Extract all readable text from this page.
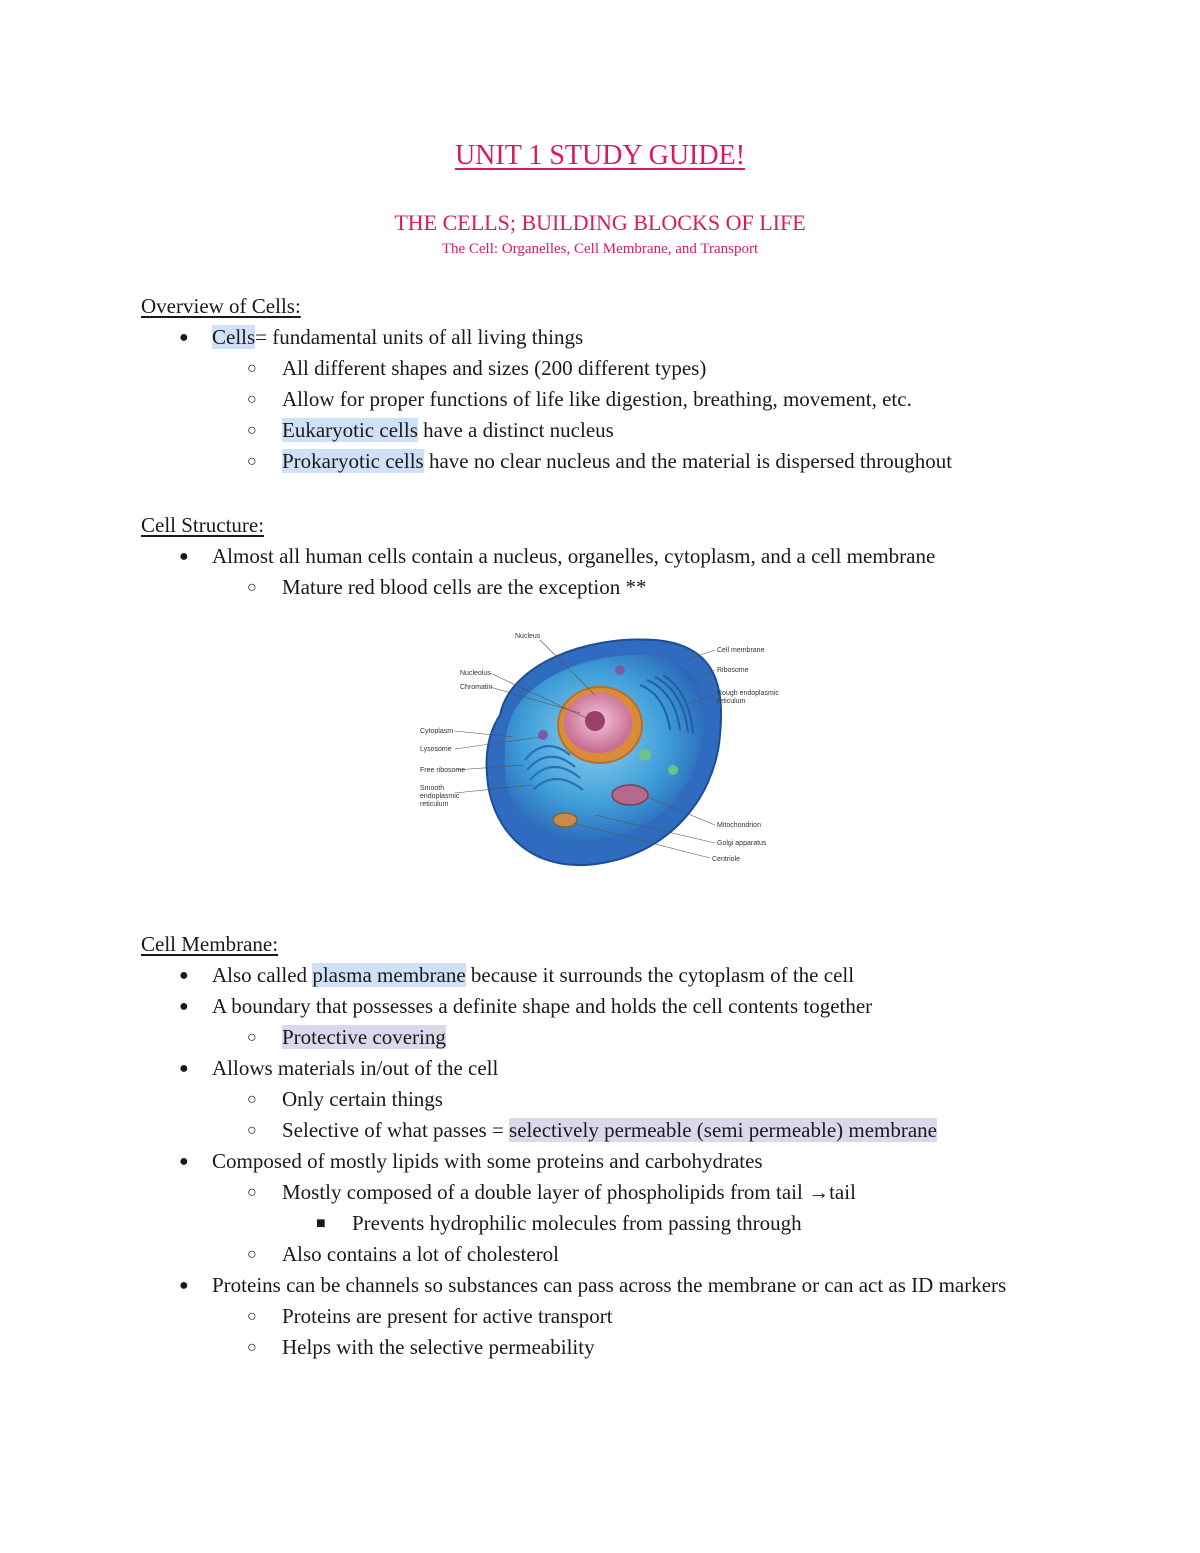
UNIT 1 STUDY GUIDE!
THE CELLS; BUILDING BLOCKS OF LIFE
The Cell: Organelles, Cell Membrane, and Transport
Overview of Cells:
● Cells= fundamental units of all living things
○ All different shapes and sizes (200 different types)
○ Allow for proper functions of life like digestion, breathing, movement, etc.
○ Eukaryotic cells have a distinct nucleus
○ Prokaryotic cells have no clear nucleus and the material is dispersed throughout
Cell Structure:
● Almost all human cells contain a nucleus, organelles, cytoplasm, and a cell membrane
○ Mature red blood cells are the exception **
Nucleus
Nucleolus
Chromatin
Cytoplasm
Lysosome
Free ribosome
Smooth
endoplasmic
reticulum
Cell membrane
Ribosome
Rough endoplasmic
reticulum
Mitochondrion
Golgi apparatus
Centriole
Cell Membrane:
● Also called plasma membrane because it surrounds the cytoplasm of the cell
● A boundary that possesses a definite shape and holds the cell contents together
○ Protective covering
● Allows materials in/out of the cell
○ Only certain things
○ Selective of what passes = selectively permeable (semi permeable) membrane
● Composed of mostly lipids with some proteins and carbohydrates
○ Mostly composed of a double layer of phospholipids from tail →tail
■ Prevents hydrophilic molecules from passing through
○ Also contains a lot of cholesterol
● Proteins can be channels so substances can pass across the membrane or can act as ID markers
○ Proteins are present for active transport
○ Helps with the selective permeability
